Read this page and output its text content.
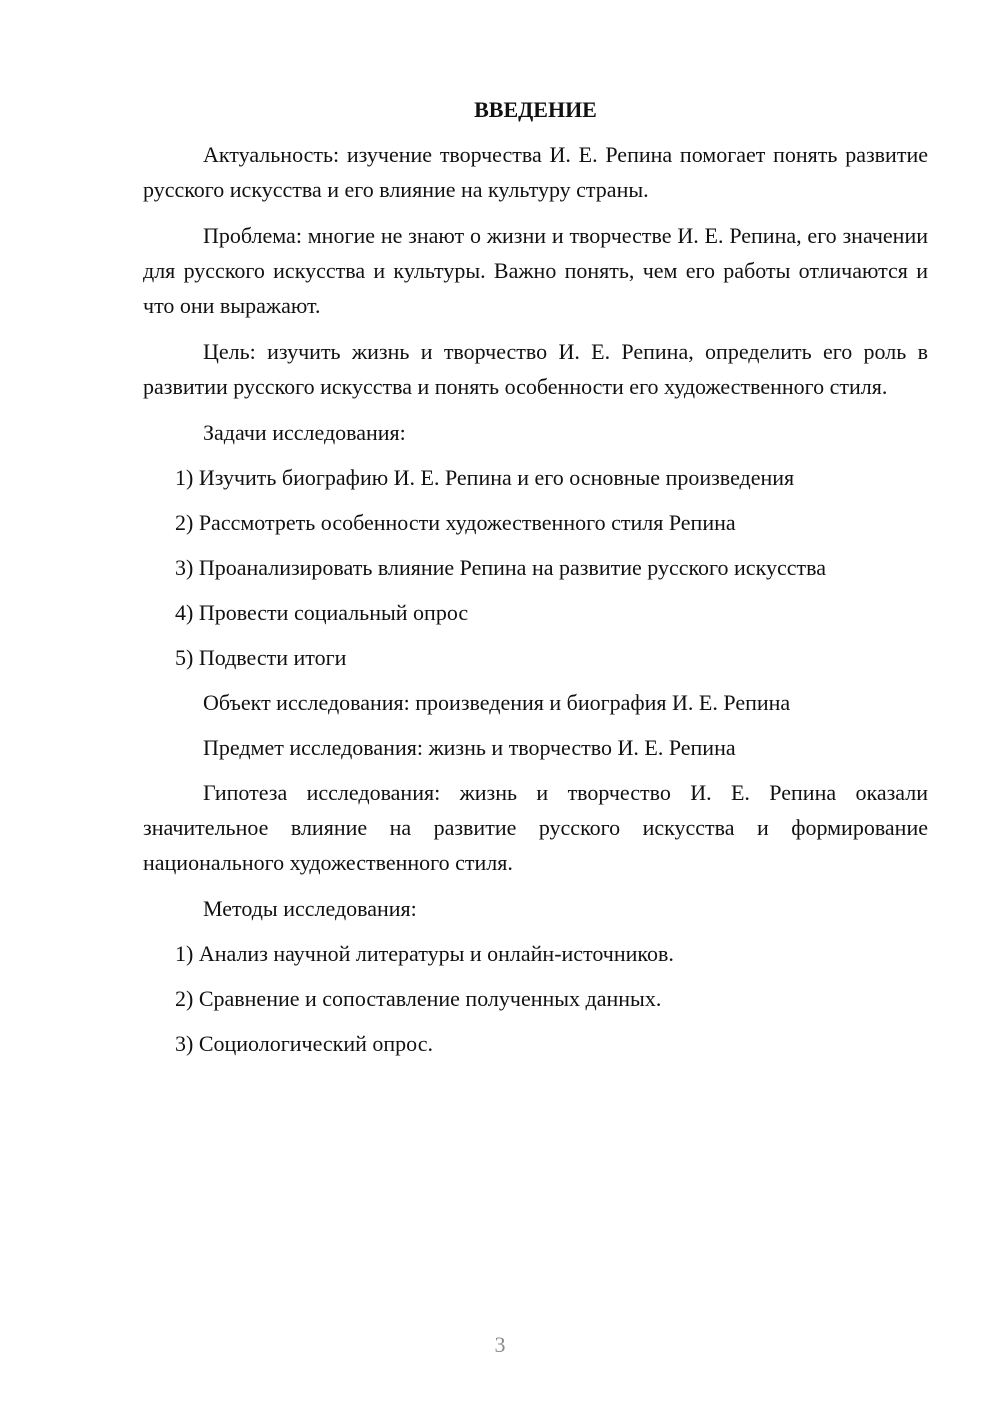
ВВЕДЕНИЕ

Актуальность: изучение творчества И. Е. Репина помогает понять развитие русского искусства и его влияние на культуру страны.

Проблема: многие не знают о жизни и творчестве И. Е. Репина, его значении для русского искусства и культуры. Важно понять, чем его работы отличаются и что они выражают.

Цель: изучить жизнь и творчество И. Е. Репина, определить его роль в развитии русского искусства и понять особенности его художественного стиля.

Задачи исследования:
1) Изучить биографию И. Е. Репина и его основные произведения
2) Рассмотреть особенности художественного стиля Репина
3) Проанализировать влияние Репина на развитие русского искусства
4) Провести социальный опрос
5) Подвести итоги
Объект исследования: произведения и биография И. Е. Репина
Предмет исследования: жизнь и творчество И. Е. Репина

Гипотеза исследования: жизнь и творчество И. Е. Репина оказали значительное влияние на развитие русского искусства и формирование национального художественного стиля.

Методы исследования:
1) Анализ научной литературы и онлайн-источников.
2) Сравнение и сопоставление полученных данных.
3) Социологический опрос.
3
